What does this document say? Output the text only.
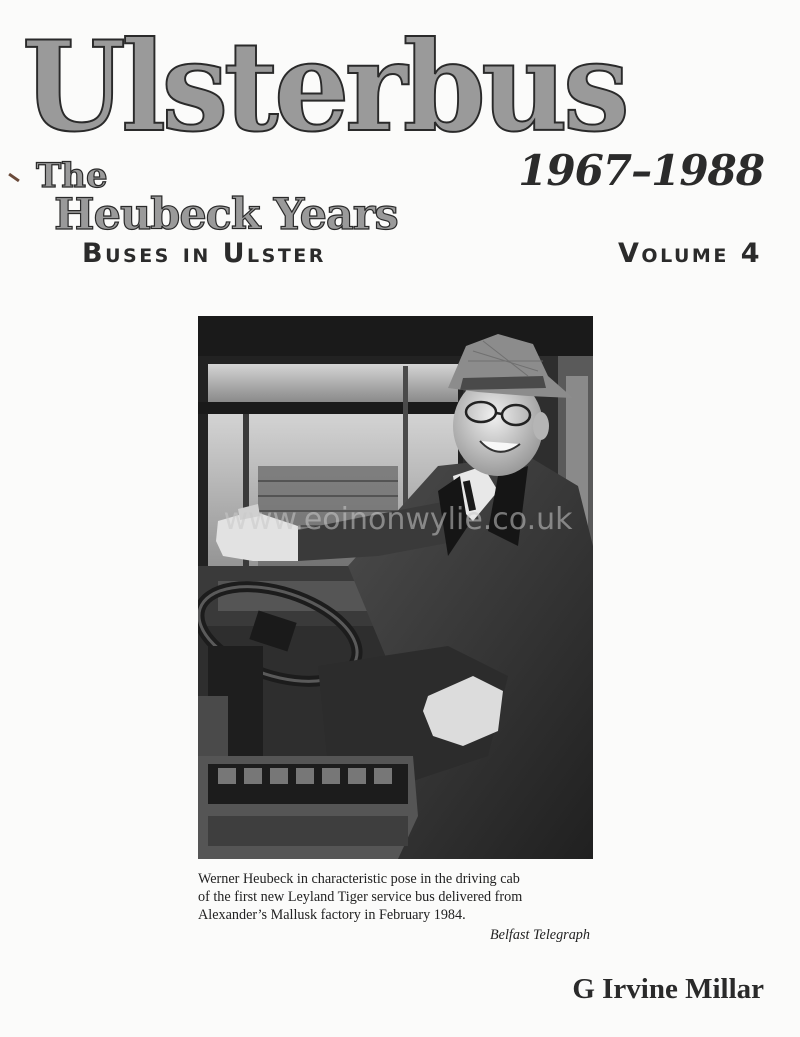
Ulsterbus
1967–1988
The
Heubeck Years
Buses in Ulster	Volume 4
www.eoinonwylie.co.uk

Werner Heubeck in characteristic pose in the driving cab

of the first new Leyland Tiger service bus delivered from

Alexander’s Mallusk factory in February 1984.

Belfast Telegraph
G Irvine Millar
